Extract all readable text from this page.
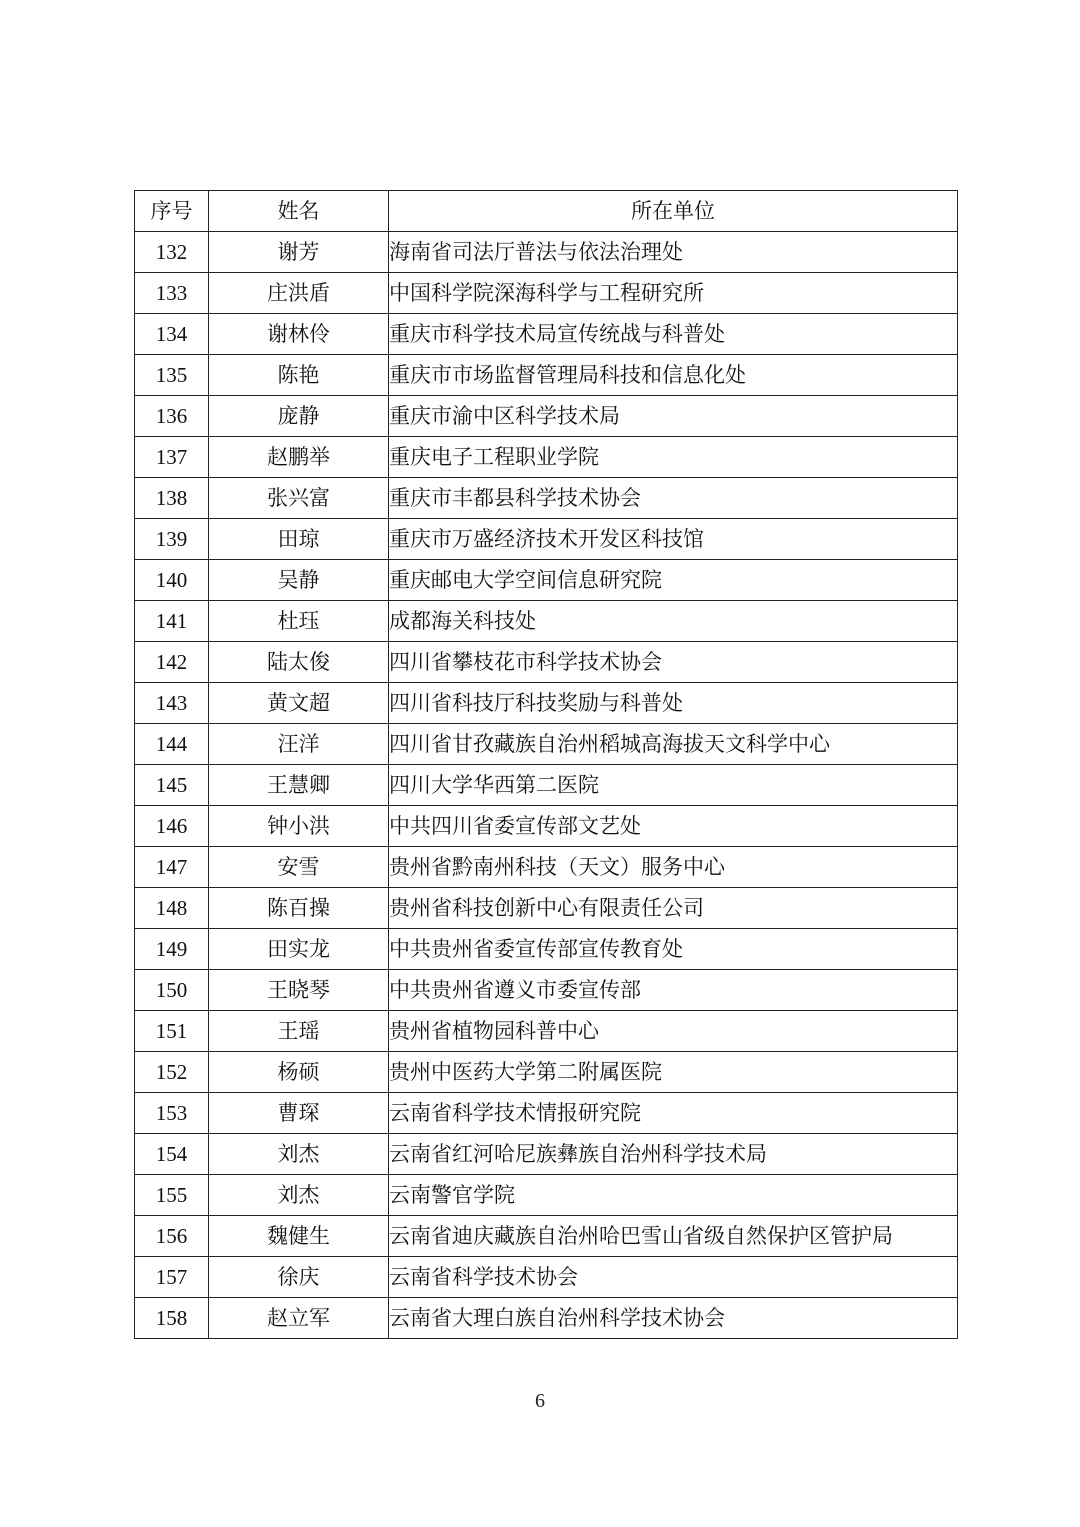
序号	姓名	所在单位
132	谢芳	海南省司法厅普法与依法治理处
133	庄洪盾	中国科学院深海科学与工程研究所
134	谢林伶	重庆市科学技术局宣传统战与科普处
135	陈艳	重庆市市场监督管理局科技和信息化处
136	庞静	重庆市渝中区科学技术局
137	赵鹏举	重庆电子工程职业学院
138	张兴富	重庆市丰都县科学技术协会
139	田琼	重庆市万盛经济技术开发区科技馆
140	吴静	重庆邮电大学空间信息研究院
141	杜珏	成都海关科技处
142	陆太俊	四川省攀枝花市科学技术协会
143	黄文超	四川省科技厅科技奖励与科普处
144	汪洋	四川省甘孜藏族自治州稻城高海拔天文科学中心
145	王慧卿	四川大学华西第二医院
146	钟小洪	中共四川省委宣传部文艺处
147	安雪	贵州省黔南州科技（天文）服务中心
148	陈百操	贵州省科技创新中心有限责任公司
149	田实龙	中共贵州省委宣传部宣传教育处
150	王晓琴	中共贵州省遵义市委宣传部
151	王瑶	贵州省植物园科普中心
152	杨硕	贵州中医药大学第二附属医院
153	曹琛	云南省科学技术情报研究院
154	刘杰	云南省红河哈尼族彝族自治州科学技术局
155	刘杰	云南警官学院
156	魏健生	云南省迪庆藏族自治州哈巴雪山省级自然保护区管护局
157	徐庆	云南省科学技术协会
158	赵立军	云南省大理白族自治州科学技术协会
6
